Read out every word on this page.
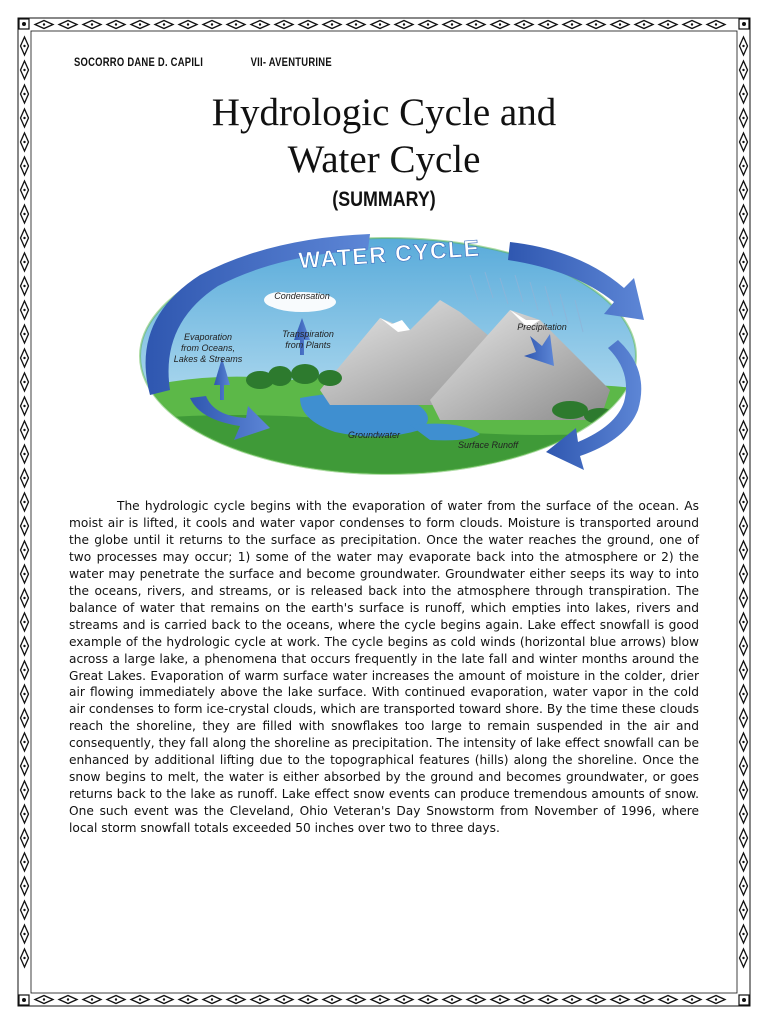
SOCORRO DANE D. CAPILI	VII- AVENTURINE
Hydrologic Cycle and
Water Cycle
(SUMMARY)
WATER CYCLE
Condensation
Evaporation
from Oceans,
Lakes & Streams
Transpiration
from Plants
Precipitation
Groundwater
Surface Runoff

The hydrologic cycle begins with the evaporation of water from the surface of the ocean. As moist air is lifted, it cools and water vapor condenses to form clouds. Moisture is transported around the globe until it returns to the surface as precipitation. Once the water reaches the ground, one of two processes may occur; 1) some of the water may evaporate back into the atmosphere or 2) the water may penetrate the surface and become groundwater. Groundwater either seeps its way to into the oceans, rivers, and streams, or is released back into the atmosphere through transpiration. The balance of water that remains on the earth's surface is runoff, which empties into lakes, rivers and streams and is carried back to the oceans, where the cycle begins again. Lake effect snowfall is good example of the hydrologic cycle at work. The cycle begins as cold winds (horizontal blue arrows) blow across a large lake, a phenomena that occurs frequently in the late fall and winter months around the Great Lakes. Evaporation of warm surface water increases the amount of moisture in the colder, drier air flowing immediately above the lake surface. With continued evaporation, water vapor in the cold air condenses to form ice-crystal clouds, which are transported toward shore. By the time these clouds reach the shoreline, they are filled with snowflakes too large to remain suspended in the air and consequently, they fall along the shoreline as precipitation. The intensity of lake effect snowfall can be enhanced by additional lifting due to the topographical features (hills) along the shoreline. Once the snow begins to melt, the water is either absorbed by the ground and becomes groundwater, or goes returns back to the lake as runoff. Lake effect snow events can produce tremendous amounts of snow. One such event was the Cleveland, Ohio Veteran's Day Snowstorm from November of 1996, where local storm snowfall totals exceeded 50 inches over two to three days.
